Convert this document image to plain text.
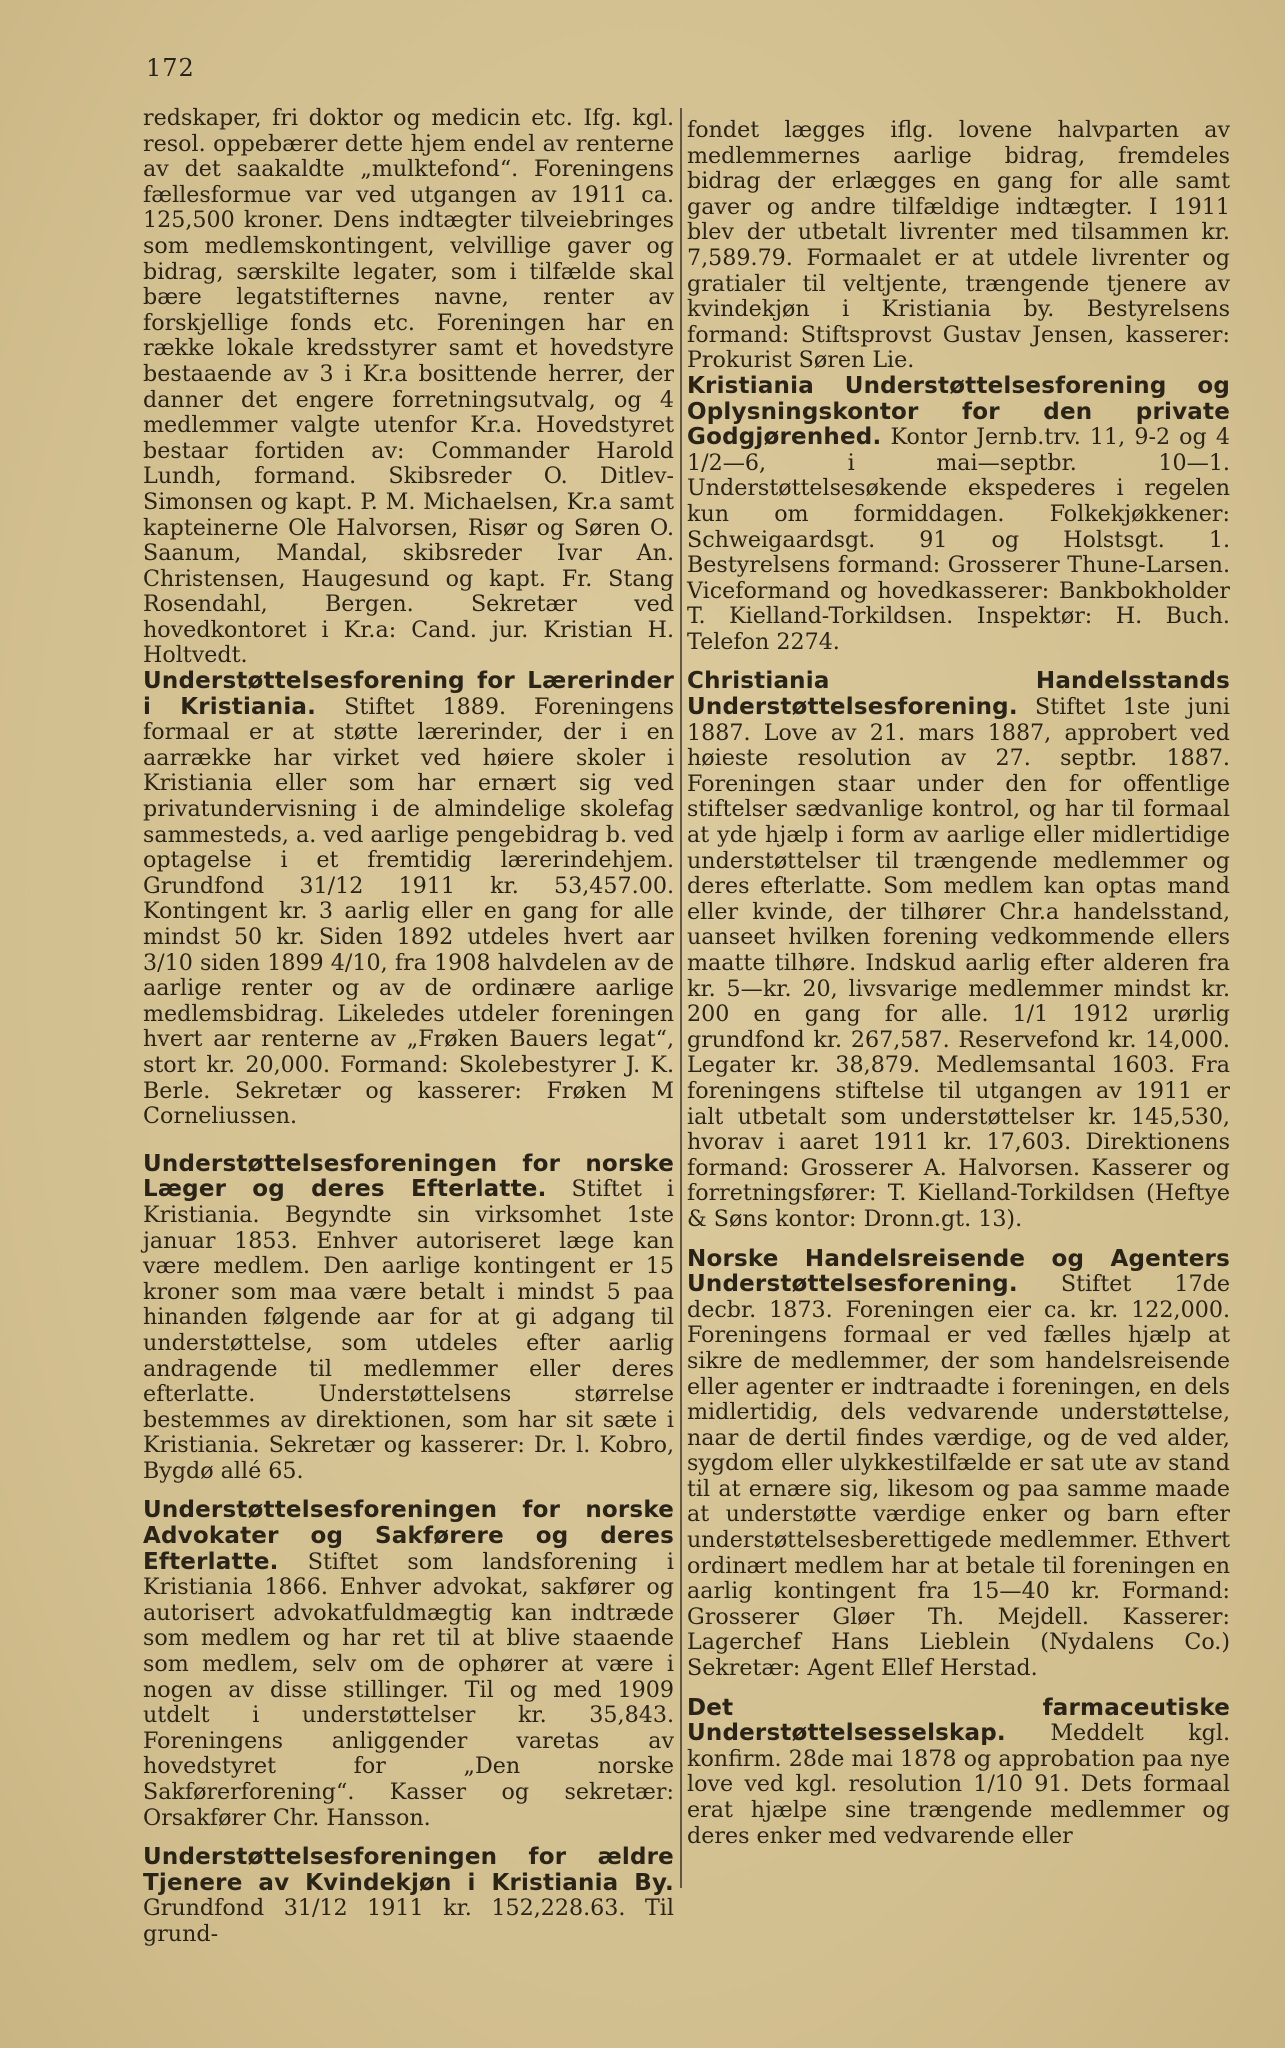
172

redskaper, fri doktor og medicin etc. Ifg. kgl. resol. oppebærer dette hjem endel av renterne av det saakaldte „mulktefond“. Foreningens fællesformue var ved utgangen av 1911 ca. 125,500 kroner. Dens indtægter tilveiebringes som medlemskontingent, velvillige gaver og bidrag, særskilte legater, som i tilfælde skal bære legatstifternes navne, renter av forskjellige fonds etc. Foreningen har en række lokale kredsstyrer samt et hovedstyre bestaaende av 3 i Kr.a bosittende herrer, der danner det engere forretningsutvalg, og 4 medlemmer valgte utenfor Kr.a. Hovedstyret bestaar fortiden av: Commander Harold Lundh, formand. Skibsreder O. Ditlev-Simonsen og kapt. P. M. Michaelsen, Kr.a samt kapteinerne Ole Halvorsen, Risør og Søren O. Saanum, Mandal, skibsreder Ivar An. Christensen, Haugesund og kapt. Fr. Stang Rosendahl, Bergen. Sekretær ved hovedkontoret i Kr.a: Cand. jur. Kristian H. Holtvedt.

Understøttelsesforening for Lærerinder i Kristiania. Stiftet 1889. Foreningens formaal er at støtte lærerinder, der i en aarrække har virket ved høiere skoler i Kristiania eller som har ernært sig ved privatundervisning i de almindelige skolefag sammesteds, a. ved aarlige pengebidrag b. ved optagelse i et fremtidig lærerindehjem. Grundfond 31/12 1911 kr. 53,457.00. Kontingent kr. 3 aarlig eller en gang for alle mindst 50 kr. Siden 1892 utdeles hvert aar 3/10 siden 1899 4/10, fra 1908 halvdelen av de aarlige renter og av de ordinære aarlige medlemsbidrag. Likeledes utdeler foreningen hvert aar renterne av „Frøken Bauers legat“, stort kr. 20,000. Formand: Skolebestyrer J. K. Berle. Sekretær og kasserer: Frøken M Corneliussen.

Understøttelsesforeningen for norske Læger og deres Efterlatte. Stiftet i Kristiania. Begyndte sin virksomhet 1ste januar 1853. Enhver autoriseret læge kan være medlem. Den aarlige kontingent er 15 kroner som maa være betalt i mindst 5 paa hinanden følgende aar for at gi adgang til understøttelse, som utdeles efter aarlig andragende til medlemmer eller deres efterlatte. Understøttelsens størrelse bestemmes av direktionen, som har sit sæte i Kristiania. Sekretær og kasserer: Dr. l. Kobro, Bygdø allé 65.

Understøttelsesforeningen for norske Advokater og Sakførere og deres Efterlatte. Stiftet som landsforening i Kristiania 1866. Enhver advokat, sakfører og autorisert advokatfuldmægtig kan indtræde som medlem og har ret til at blive staaende som medlem, selv om de ophører at være i nogen av disse stillinger. Til og med 1909 utdelt i understøttelser kr. 35,843. Foreningens anliggender varetas av hovedstyret for „Den norske Sakførerforening“. Kasser og sekretær: Orsakfører Chr. Hansson.

Understøttelsesforeningen for ældre Tjenere av Kvindekjøn i Kristiania By. Grundfond 31/12 1911 kr. 152,228.63. Til grund-

fondet lægges iflg. lovene halvparten av medlemmernes aarlige bidrag, fremdeles bidrag der erlægges en gang for alle samt gaver og andre tilfældige indtægter. I 1911 blev der utbetalt livrenter med tilsammen kr. 7,589.79. Formaalet er at utdele livrenter og gratialer til veltjente, trængende tjenere av kvindekjøn i Kristiania by. Bestyrelsens formand: Stiftsprovst Gustav Jensen, kasserer: Prokurist Søren Lie.

Kristiania Understøttelsesforening og Oplysningskontor for den private Godgjørenhed. Kontor Jernb.trv. 11, 9-2 og 4 1/2—6, i mai—septbr. 10—1. Understøttelsesøkende ekspederes i regelen kun om formiddagen. Folkekjøkkener: Schweigaardsgt. 91 og Holstsgt. 1. Bestyrelsens formand: Grosserer Thune-Larsen. Viceformand og hovedkasserer: Bankbokholder T. Kielland-Torkildsen. Inspektør: H. Buch. Telefon 2274.

Christiania Handelsstands Understøttelsesforening. Stiftet 1ste juni 1887. Love av 21. mars 1887, approbert ved høieste resolution av 27. septbr. 1887. Foreningen staar under den for offentlige stiftelser sædvanlige kontrol, og har til formaal at yde hjælp i form av aarlige eller midlertidige understøttelser til trængende medlemmer og deres efterlatte. Som medlem kan optas mand eller kvinde, der tilhører Chr.a handelsstand, uanseet hvilken forening vedkommende ellers maatte tilhøre. Indskud aarlig efter alderen fra kr. 5—kr. 20, livsvarige medlemmer mindst kr. 200 en gang for alle. 1/1 1912 urørlig grundfond kr. 267,587. Reservefond kr. 14,000. Legater kr. 38,879. Medlemsantal 1603. Fra foreningens stiftelse til utgangen av 1911 er ialt utbetalt som understøttelser kr. 145,530, hvorav i aaret 1911 kr. 17,603. Direktionens formand: Grosserer A. Halvorsen. Kasserer og forretningsfører: T. Kielland-Torkildsen (Heftye & Søns kontor: Dronn.gt. 13).

Norske Handelsreisende og Agenters Understøttelsesforening. Stiftet 17de decbr. 1873. Foreningen eier ca. kr. 122,000. Foreningens formaal er ved fælles hjælp at sikre de medlemmer, der som handelsreisende eller agenter er indtraadte i foreningen, en dels midlertidig, dels vedvarende understøttelse, naar de dertil findes værdige, og de ved alder, sygdom eller ulykkestilfælde er sat ute av stand til at ernære sig, likesom og paa samme maade at understøtte værdige enker og barn efter understøttelsesberettigede medlemmer. Ethvert ordinært medlem har at betale til foreningen en aarlig kontingent fra 15—40 kr. Formand: Grosserer Gløer Th. Mejdell. Kasserer: Lagerchef Hans Lieblein (Nydalens Co.) Sekretær: Agent Ellef Herstad.

Det farmaceutiske Understøttelsesselskap. Meddelt kgl. konfirm. 28de mai 1878 og approbation paa nye love ved kgl. resolution 1/10 91. Dets formaal erat hjælpe sine trængende medlemmer og deres enker med vedvarende eller
